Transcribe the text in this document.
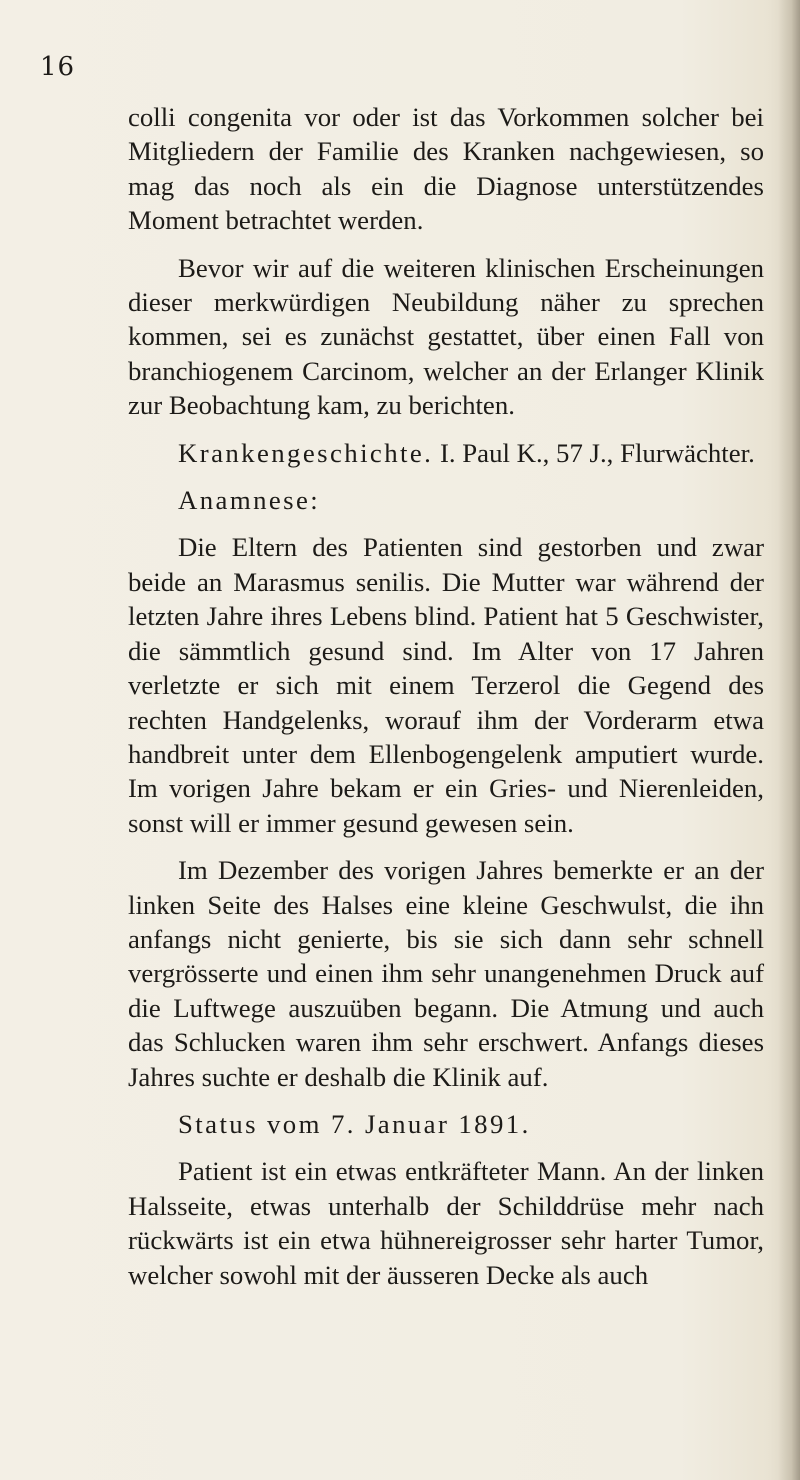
16

colli congenita vor oder ist das Vorkommen solcher bei Mitgliedern der Familie des Kranken nachgewiesen, so mag das noch als ein die Diagnose unterstützendes Moment betrachtet werden.

Bevor wir auf die weiteren klinischen Erscheinungen dieser merkwürdigen Neubildung näher zu sprechen kommen, sei es zunächst gestattet, über einen Fall von branchiogenem Carcinom, welcher an der Erlanger Klinik zur Beobachtung kam, zu berichten.

Krankengeschichte. I. Paul K., 57 J., Flurwächter.

Anamnese:

Die Eltern des Patienten sind gestorben und zwar beide an Marasmus senilis. Die Mutter war während der letzten Jahre ihres Lebens blind. Patient hat 5 Geschwister, die sämmtlich gesund sind. Im Alter von 17 Jahren verletzte er sich mit einem Terzerol die Gegend des rechten Handgelenks, worauf ihm der Vorderarm etwa handbreit unter dem Ellenbogengelenk amputiert wurde. Im vorigen Jahre bekam er ein Gries- und Nierenleiden, sonst will er immer gesund gewesen sein.

Im Dezember des vorigen Jahres bemerkte er an der linken Seite des Halses eine kleine Geschwulst, die ihn anfangs nicht genierte, bis sie sich dann sehr schnell vergrösserte und einen ihm sehr unangenehmen Druck auf die Luftwege auszuüben begann. Die Atmung und auch das Schlucken waren ihm sehr erschwert. Anfangs dieses Jahres suchte er deshalb die Klinik auf.

Status vom 7. Januar 1891.

Patient ist ein etwas entkräfteter Mann. An der linken Halsseite, etwas unterhalb der Schilddrüse mehr nach rückwärts ist ein etwa hühnereigrosser sehr harter Tumor, welcher sowohl mit der äusseren Decke als auch
